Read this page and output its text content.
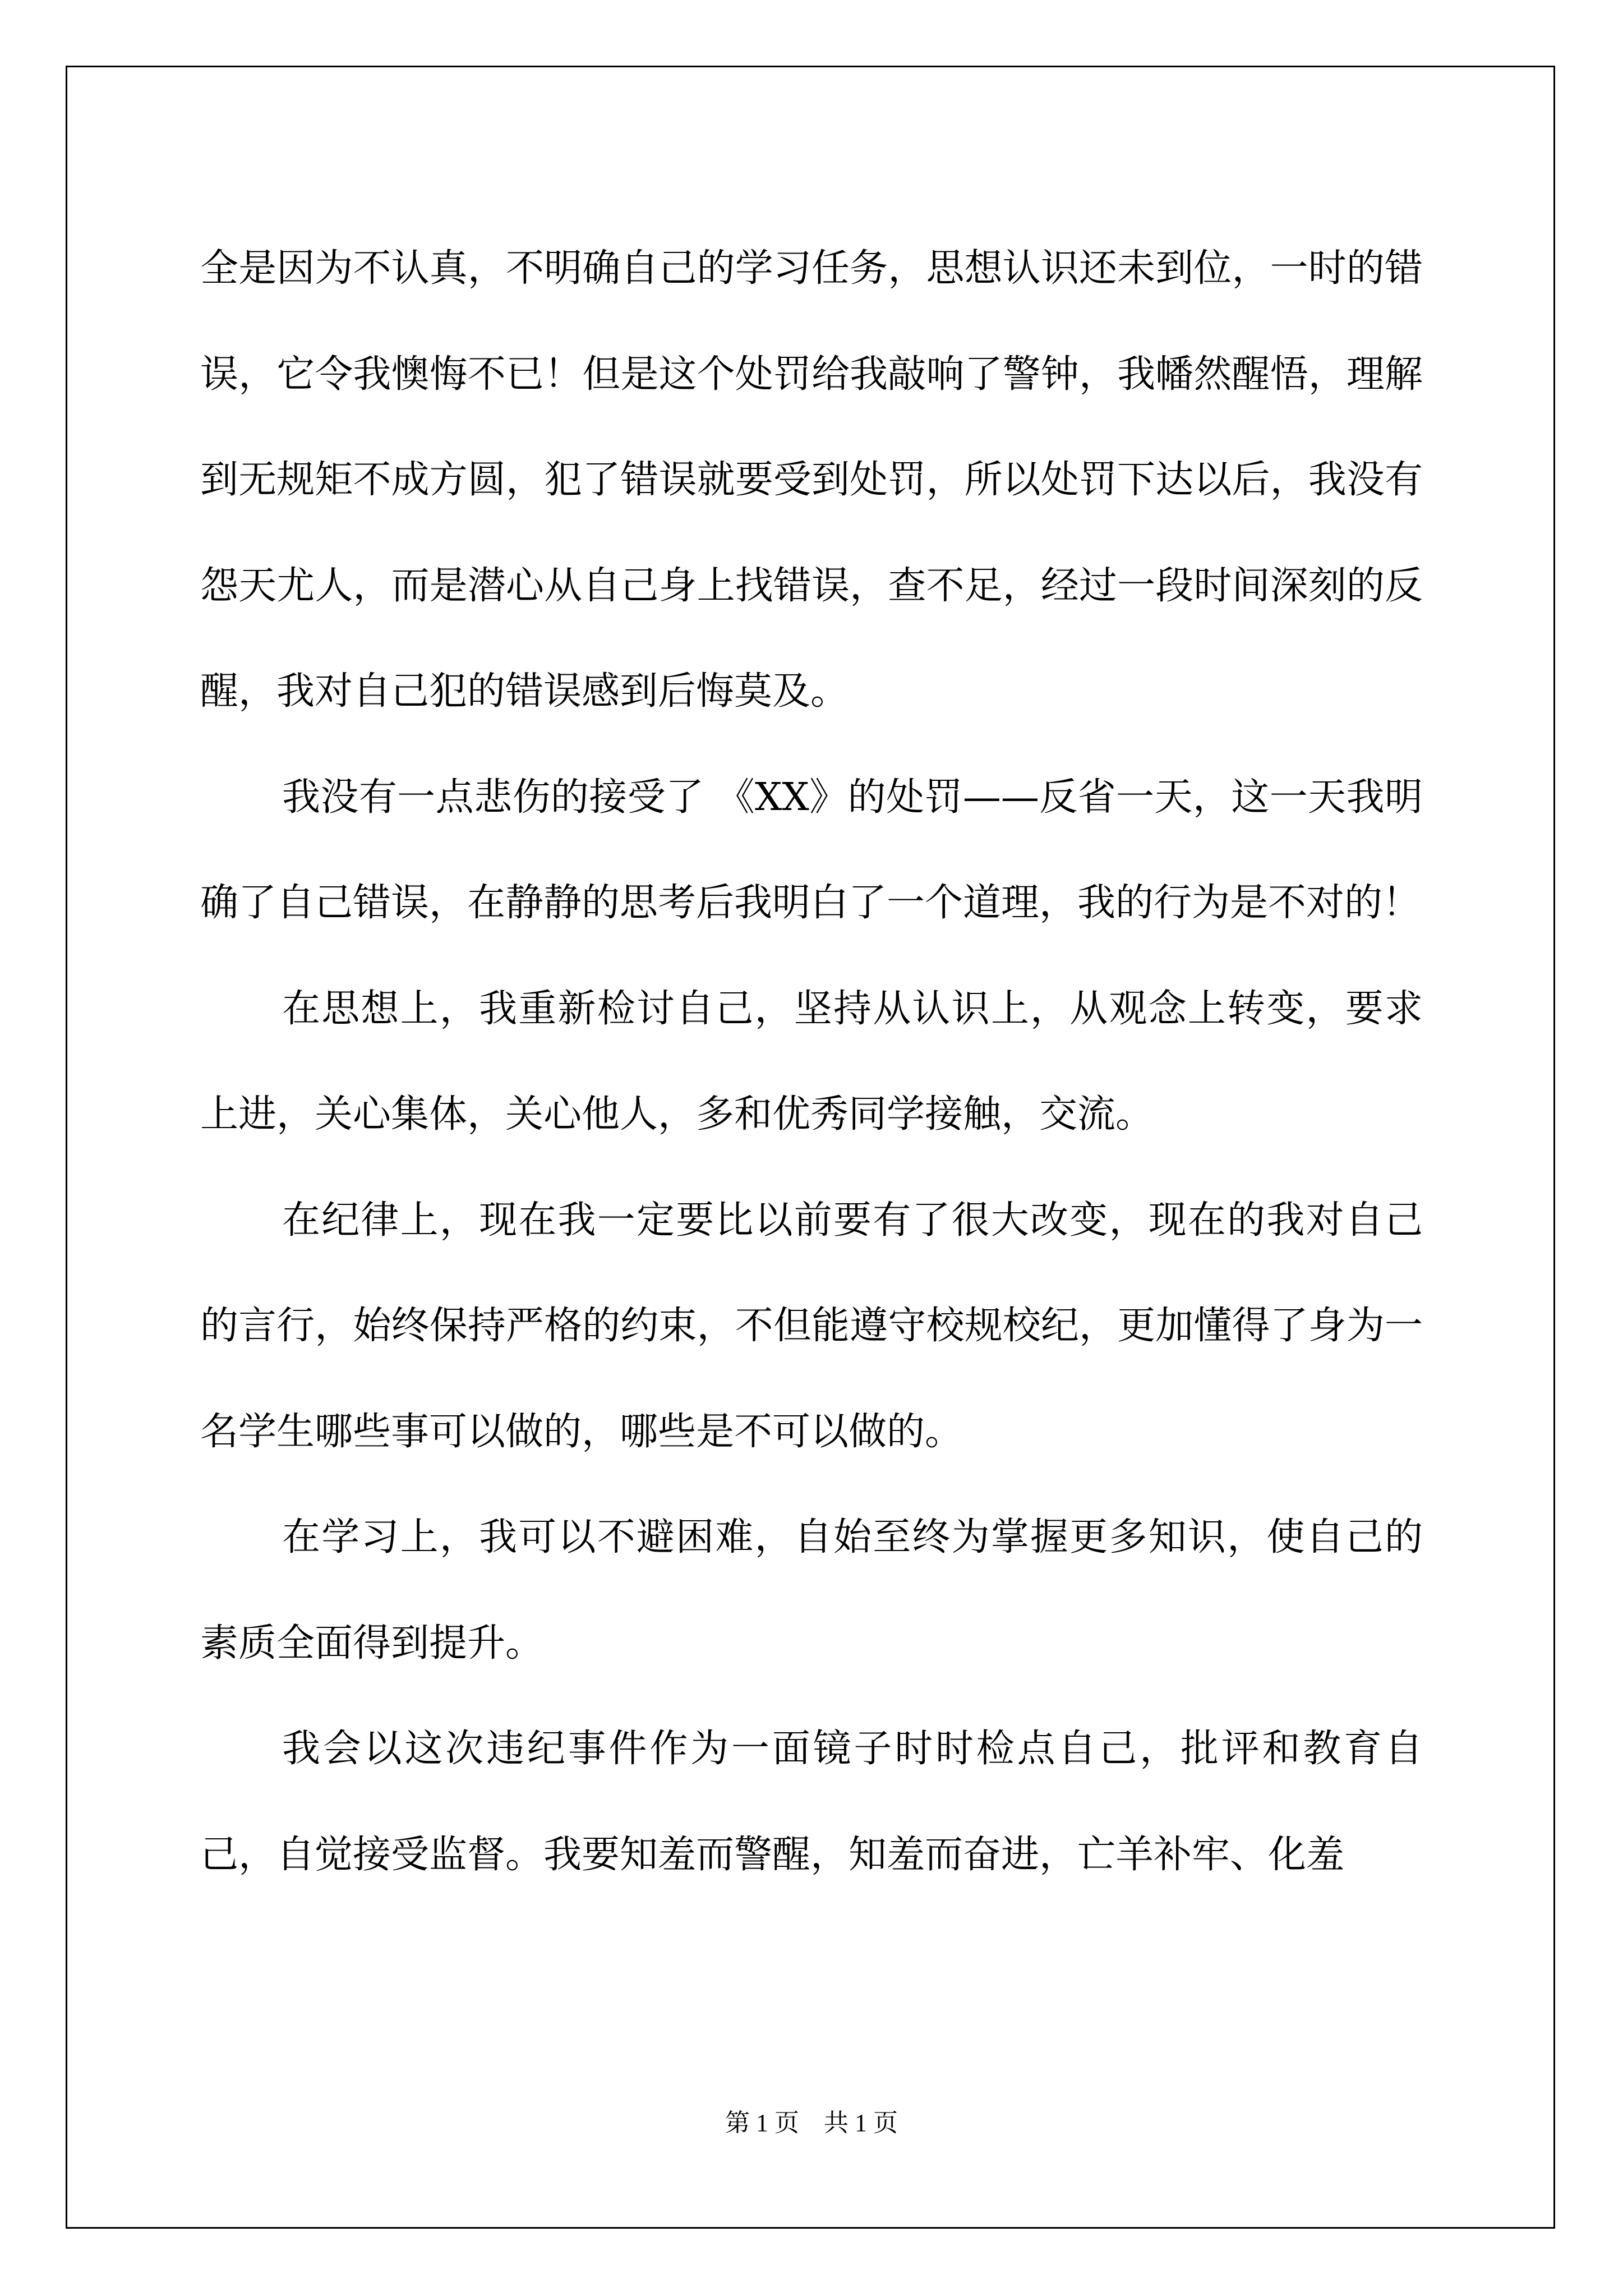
全是因为不认真，不明确自己的学习任务，思想认识还未到位，一时的错误，它令我懊悔不已！但是这个处罚给我敲响了警钟，我幡然醒悟，理解到无规矩不成方圆，犯了错误就要受到处罚，所以处罚下达以后，我没有怨天尤人，而是潜心从自己身上找错误，查不足，经过一段时间深刻的反醒，我对自己犯的错误感到后悔莫及。

我没有一点悲伤的接受了 《XX》的处罚——反省一天，这一天我明确了自己错误，在静静的思考后我明白了一个道理，我的行为是不对的！

在思想上，我重新检讨自己，坚持从认识上，从观念上转变，要求上进，关心集体，关心他人，多和优秀同学接触，交流。

在纪律上，现在我一定要比以前要有了很大改变，现在的我对自己的言行，始终保持严格的约束，不但能遵守校规校纪，更加懂得了身为一名学生哪些事可以做的，哪些是不可以做的。

在学习上，我可以不避困难，自始至终为掌握更多知识，使自己的素质全面得到提升。

我会以这次违纪事件作为一面镜子时时检点自己，批评和教育自己，自觉接受监督。我要知羞而警醒，知羞而奋进，亡羊补牢、化羞

第 1 页　共 1 页
